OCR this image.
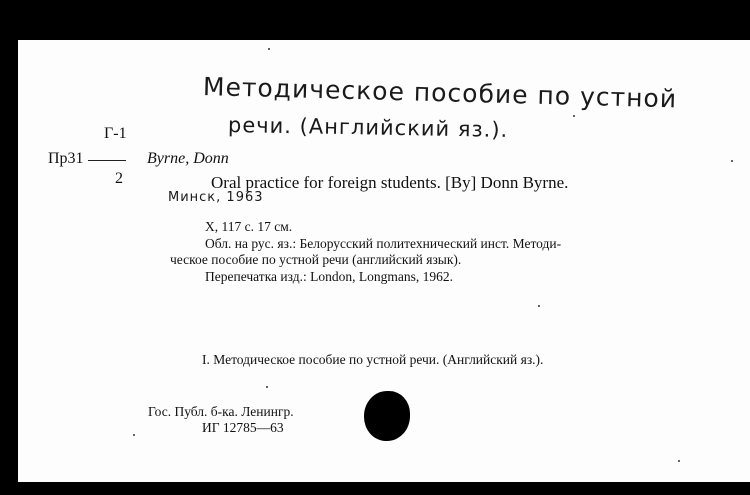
Методическое пособие по устной
речи. (Английский яз.).
Г-1
Пр31
2
Byrne, Donn
Oral practice for foreign students. [By] Donn Byrne.
Минск, 1963
X, 117 с. 17 см.
Обл. на рус. яз.: Белорусский политехнический инст. Методи-
ческое пособие по устной речи (английский язык).
Перепечатка изд.: London, Longmans, 1962.
I. Методическое пособие по устной речи. (Английский яз.).
Гос. Публ. б-ка. Ленингр.
ИГ 12785—63
